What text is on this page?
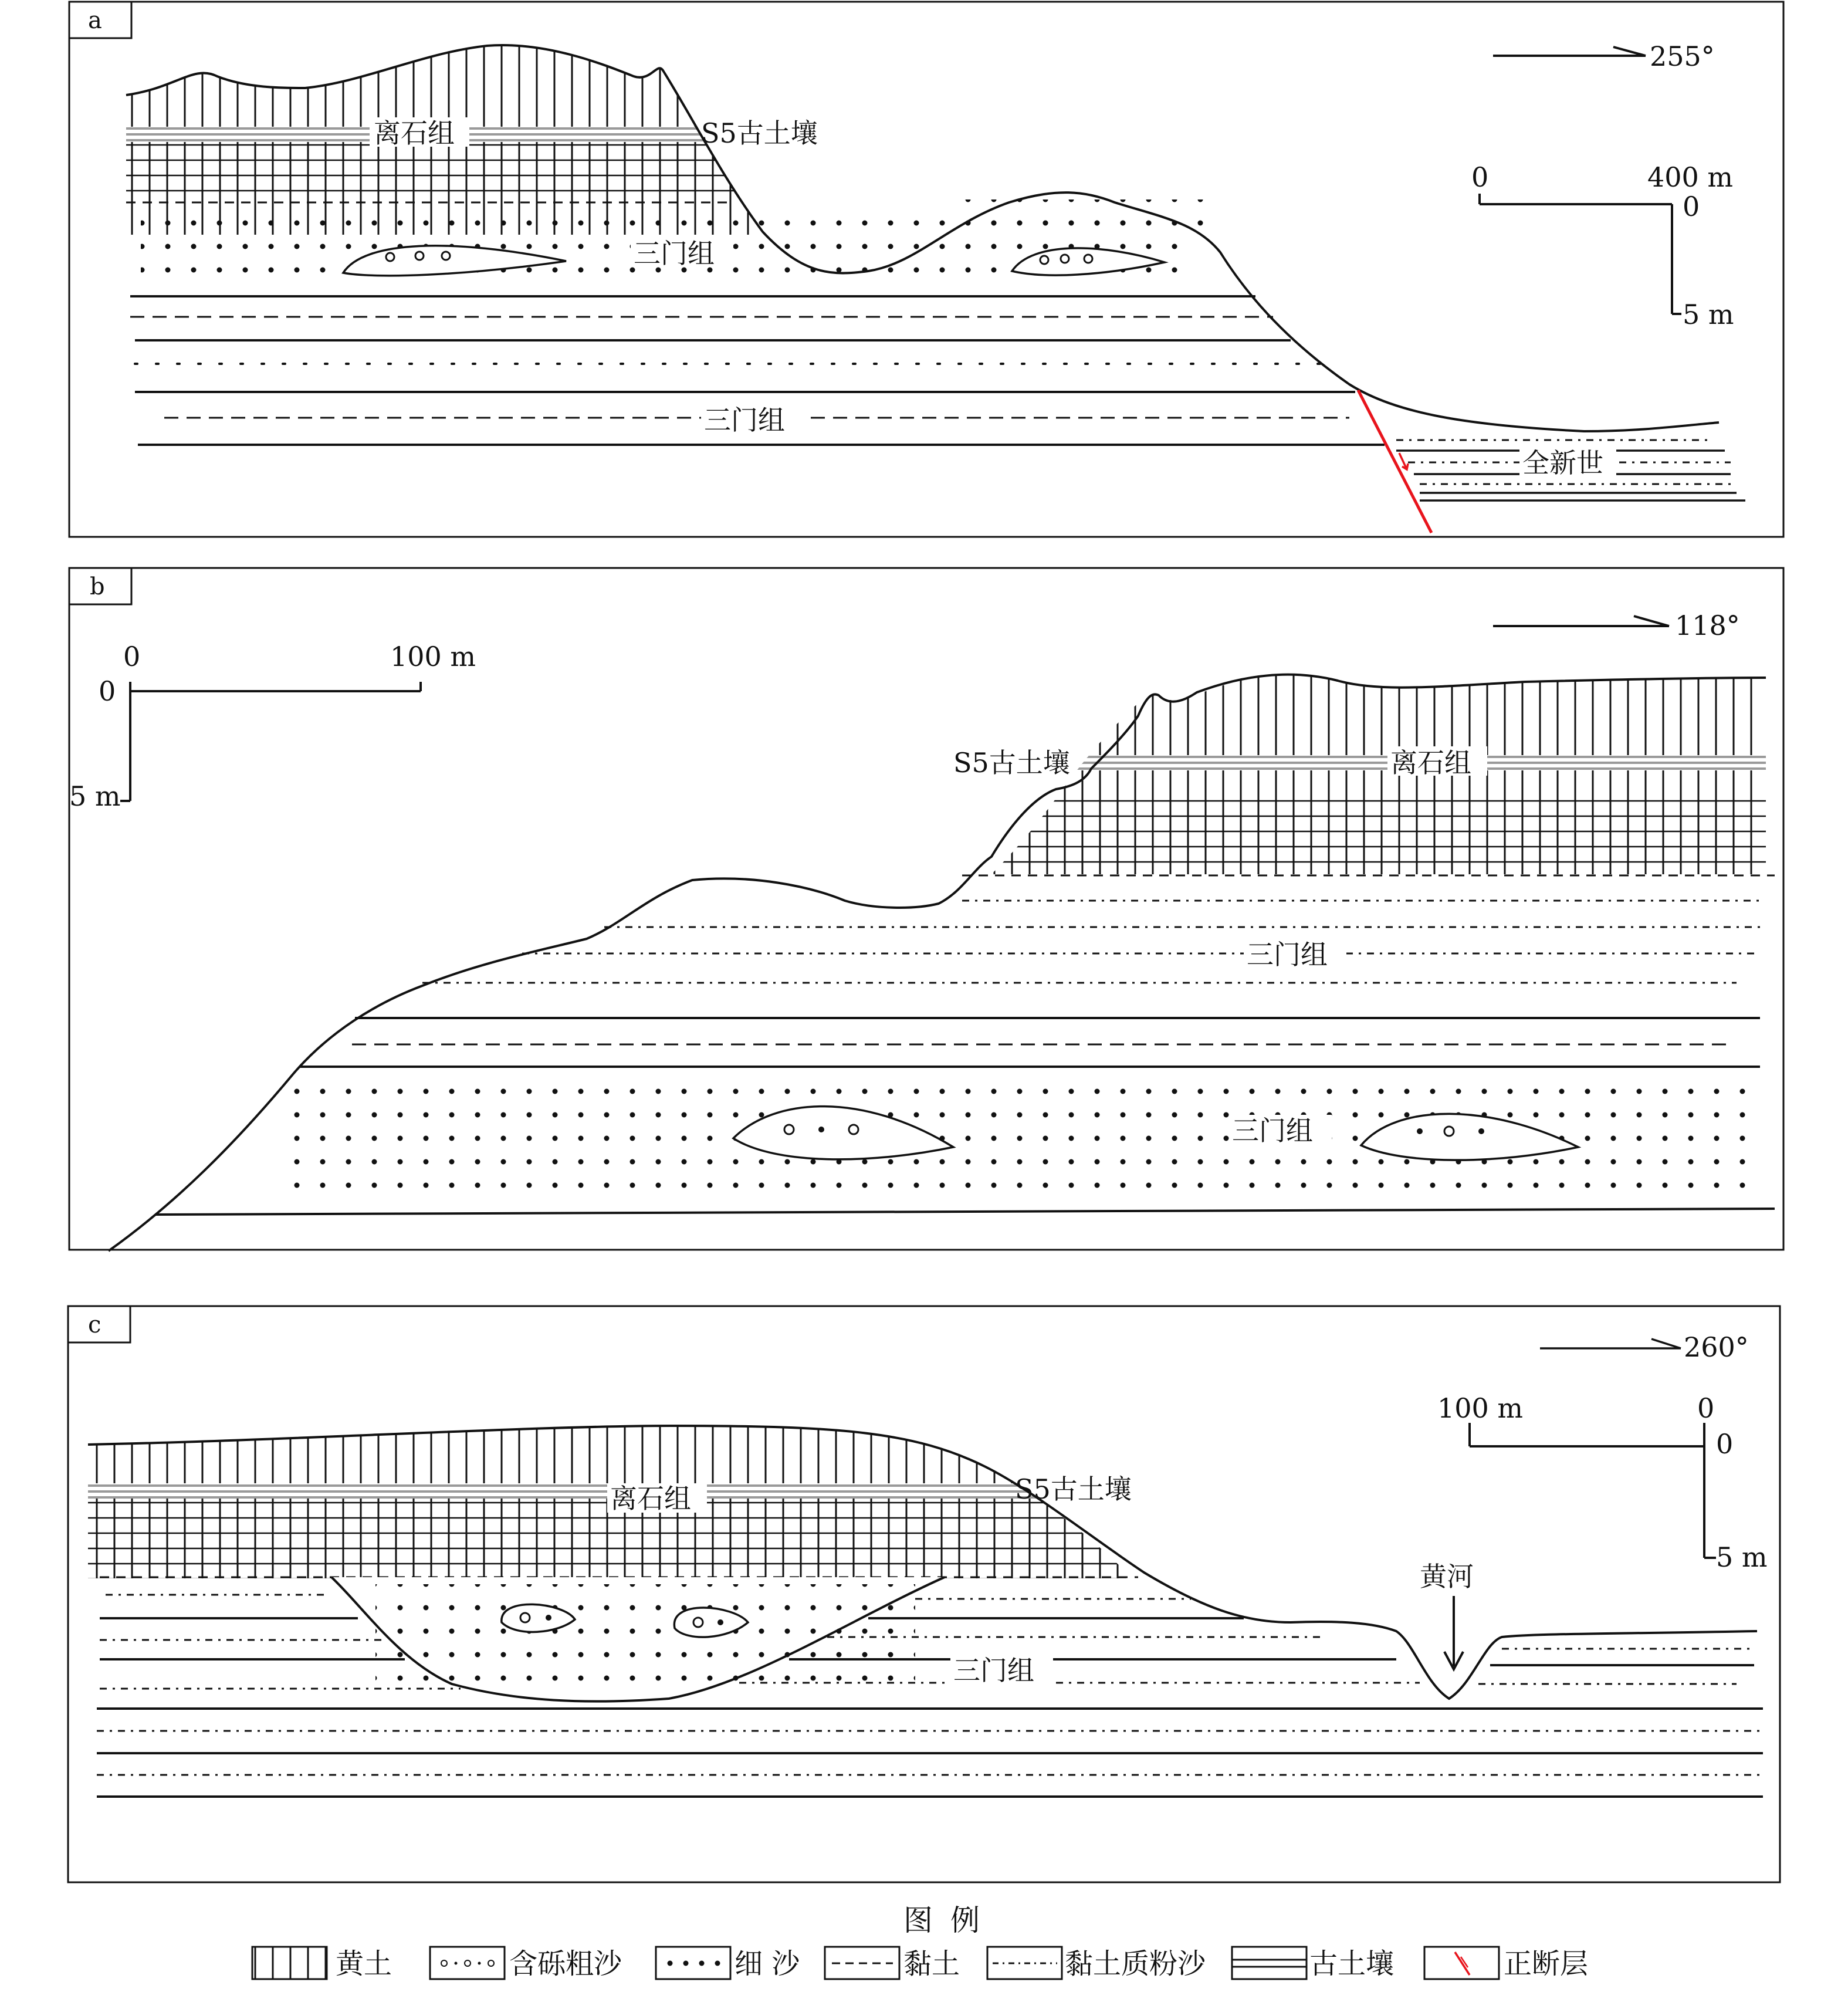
a
离石组	S5古土壤
三门组
三门组
全新世
255°
0	400 m
0
5 m
b
S5古土壤	离石组
三门组
三门组
118°
0	100 m
0
5 m
c
离石组	S5古土壤
三门组
黄河
260°
100 m	0
0
5 m
图例
黄土	含砾粗沙	细 沙	黏土	黏土质粉沙	古土壤	正断层
